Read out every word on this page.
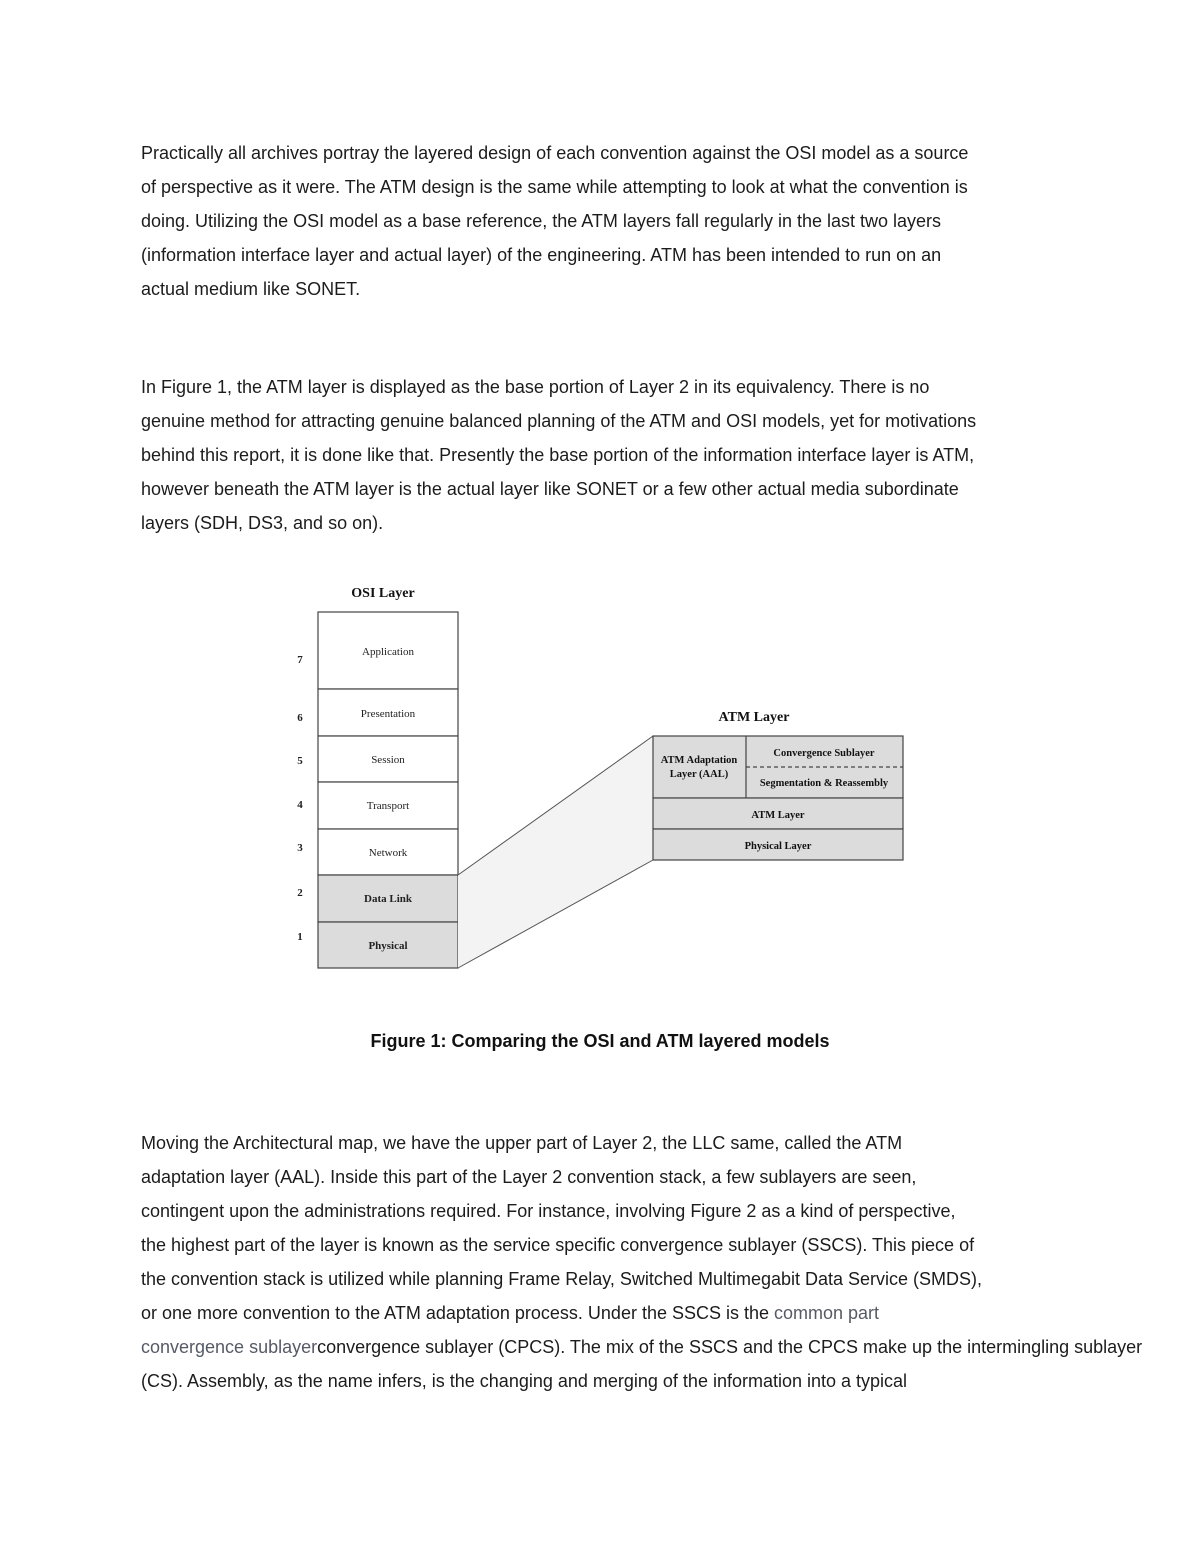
Practically all archives portray the layered design of each convention against the OSI model as a source
of perspective as it were. The ATM design is the same while attempting to look at what the convention is
doing. Utilizing the OSI model as a base reference, the ATM layers fall regularly in the last two layers
(information interface layer and actual layer) of the engineering. ATM has been intended to run on an
actual medium like SONET.

In Figure 1, the ATM layer is displayed as the base portion of Layer 2 in its equivalency. There is no
genuine method for attracting genuine balanced planning of the ATM and OSI models, yet for motivations
behind this report, it is done like that. Presently the base portion of the information interface layer is ATM,
however beneath the ATM layer is the actual layer like SONET or a few other actual media subordinate
layers (SDH, DS3, and so on).

OSI Layer
Application
Presentation
Session
Transport
Network
Data Link
Physical
7
6
5
4
3
2
1
ATM Layer
ATM Adaptation
Layer (AAL)
Convergence Sublayer
Segmentation & Reassembly
ATM Layer
Physical Layer
Figure 1: Comparing the OSI and ATM layered models

Moving the Architectural map, we have the upper part of Layer 2, the LLC same, called the ATM
adaptation layer (AAL). Inside this part of the Layer 2 convention stack, a few sublayers are seen,
contingent upon the administrations required. For instance, involving Figure 2 as a kind of perspective,
the highest part of the layer is known as the service specific convergence sublayer (SSCS). This piece of
the convention stack is utilized while planning Frame Relay, Switched Multimegabit Data Service (SMDS),
or one more convention to the ATM adaptation process. Under the SSCS is the common part
convergence sublayerconvergence sublayer (CPCS). The mix of the SSCS and the CPCS make up the intermingling sublayer
(CS). Assembly, as the name infers, is the changing and merging of the information into a typical
